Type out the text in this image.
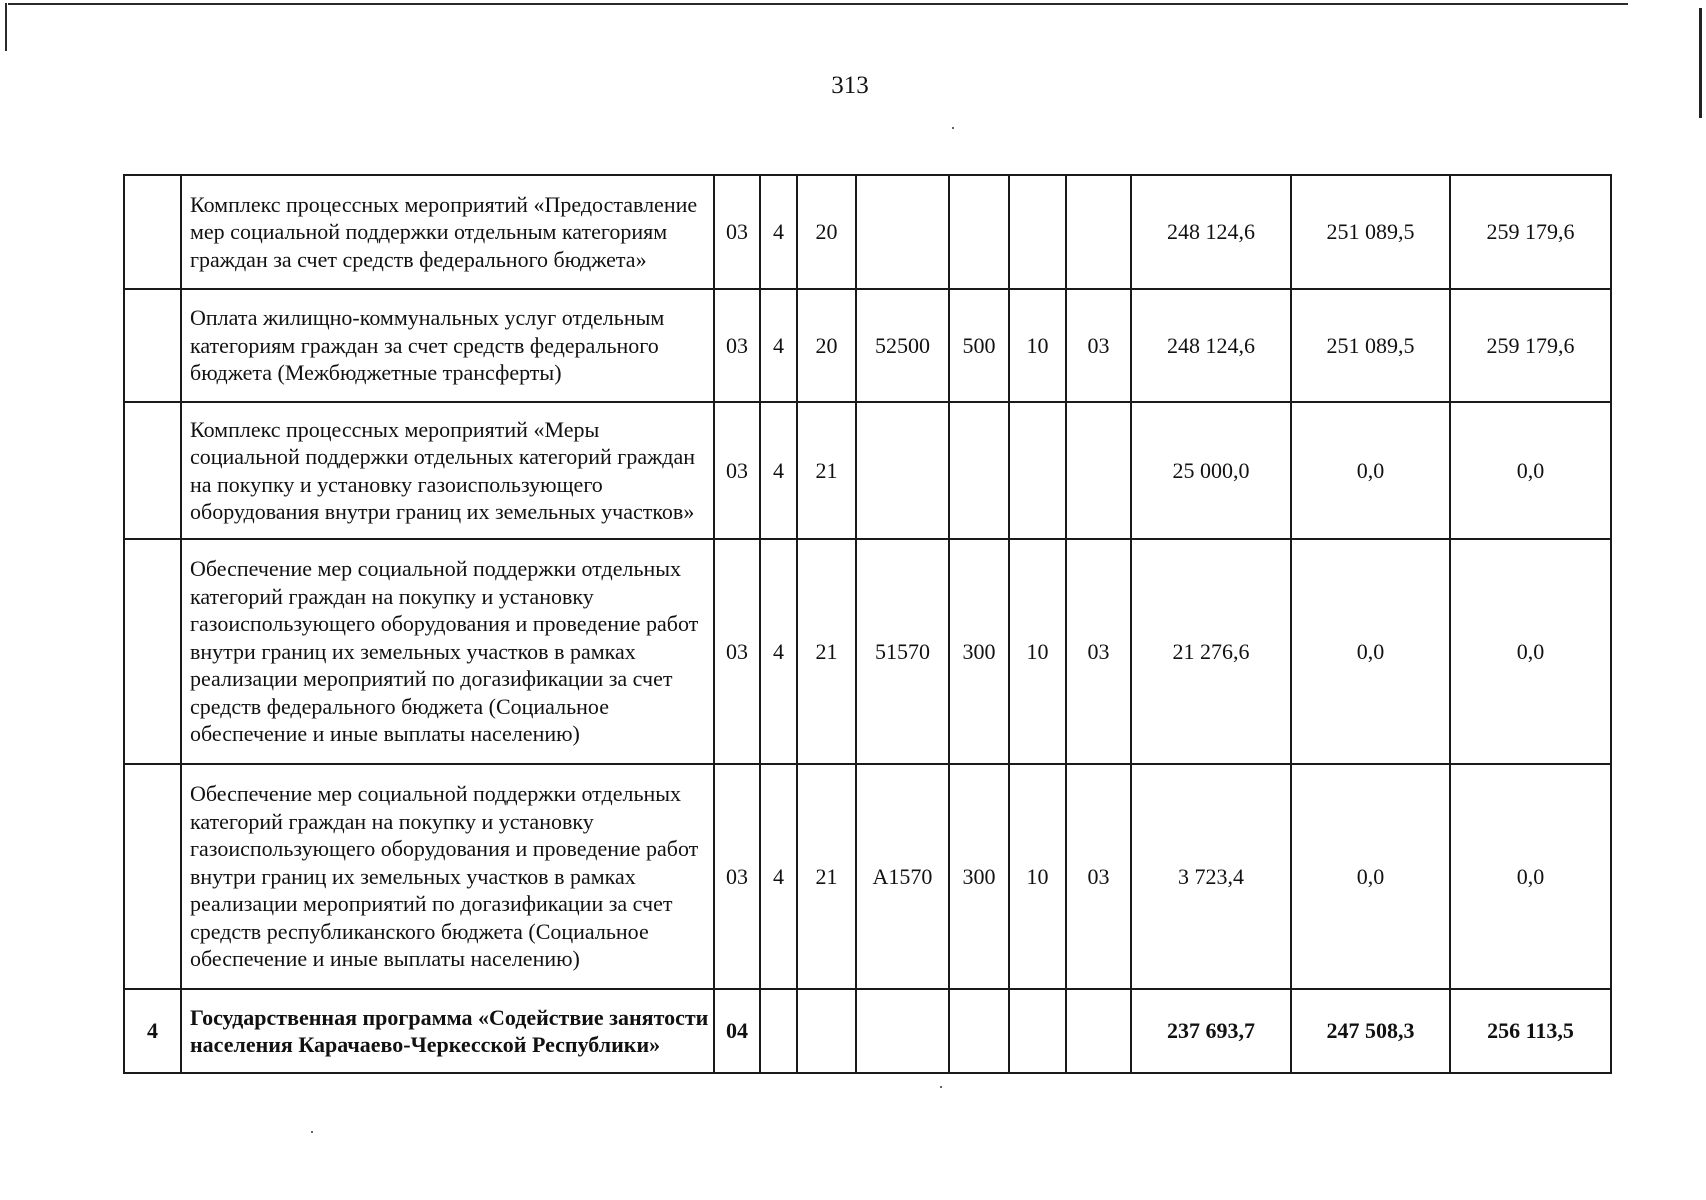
313
	Комплекс процессных мероприятий «Предоставление мер социальной поддержки отдельным категориям граждан за счет средств федерального бюджета»	03	4	20					248 124,6	251 089,5	259 179,6
	Оплата жилищно-коммунальных услуг отдельным категориям граждан за счет средств федерального бюджета (Межбюджетные трансферты)	03	4	20	52500	500	10	03	248 124,6	251 089,5	259 179,6
	Комплекс процессных мероприятий «Меры социальной поддержки отдельных категорий граждан на покупку и установку газоиспользующего оборудования внутри границ их земельных участков»	03	4	21					25 000,0	0,0	0,0
	Обеспечение мер социальной поддержки отдельных категорий граждан на покупку и установку газоиспользующего оборудования и проведение работ внутри границ их земельных участков в рамках реализации мероприятий по догазификации за счет средств федерального бюджета (Социальное обеспечение и иные выплаты населению)	03	4	21	51570	300	10	03	21 276,6	0,0	0,0
	Обеспечение мер социальной поддержки отдельных категорий граждан на покупку и установку газоиспользующего оборудования и проведение работ внутри границ их земельных участков в рамках реализации мероприятий по догазификации за счет средств республиканского бюджета (Социальное обеспечение и иные выплаты населению)	03	4	21	A1570	300	10	03	3 723,4	0,0	0,0
4	Государственная программа «Содействие занятости населения Карачаево-Черкесской Республики»	04							237 693,7	247 508,3	256 113,5
